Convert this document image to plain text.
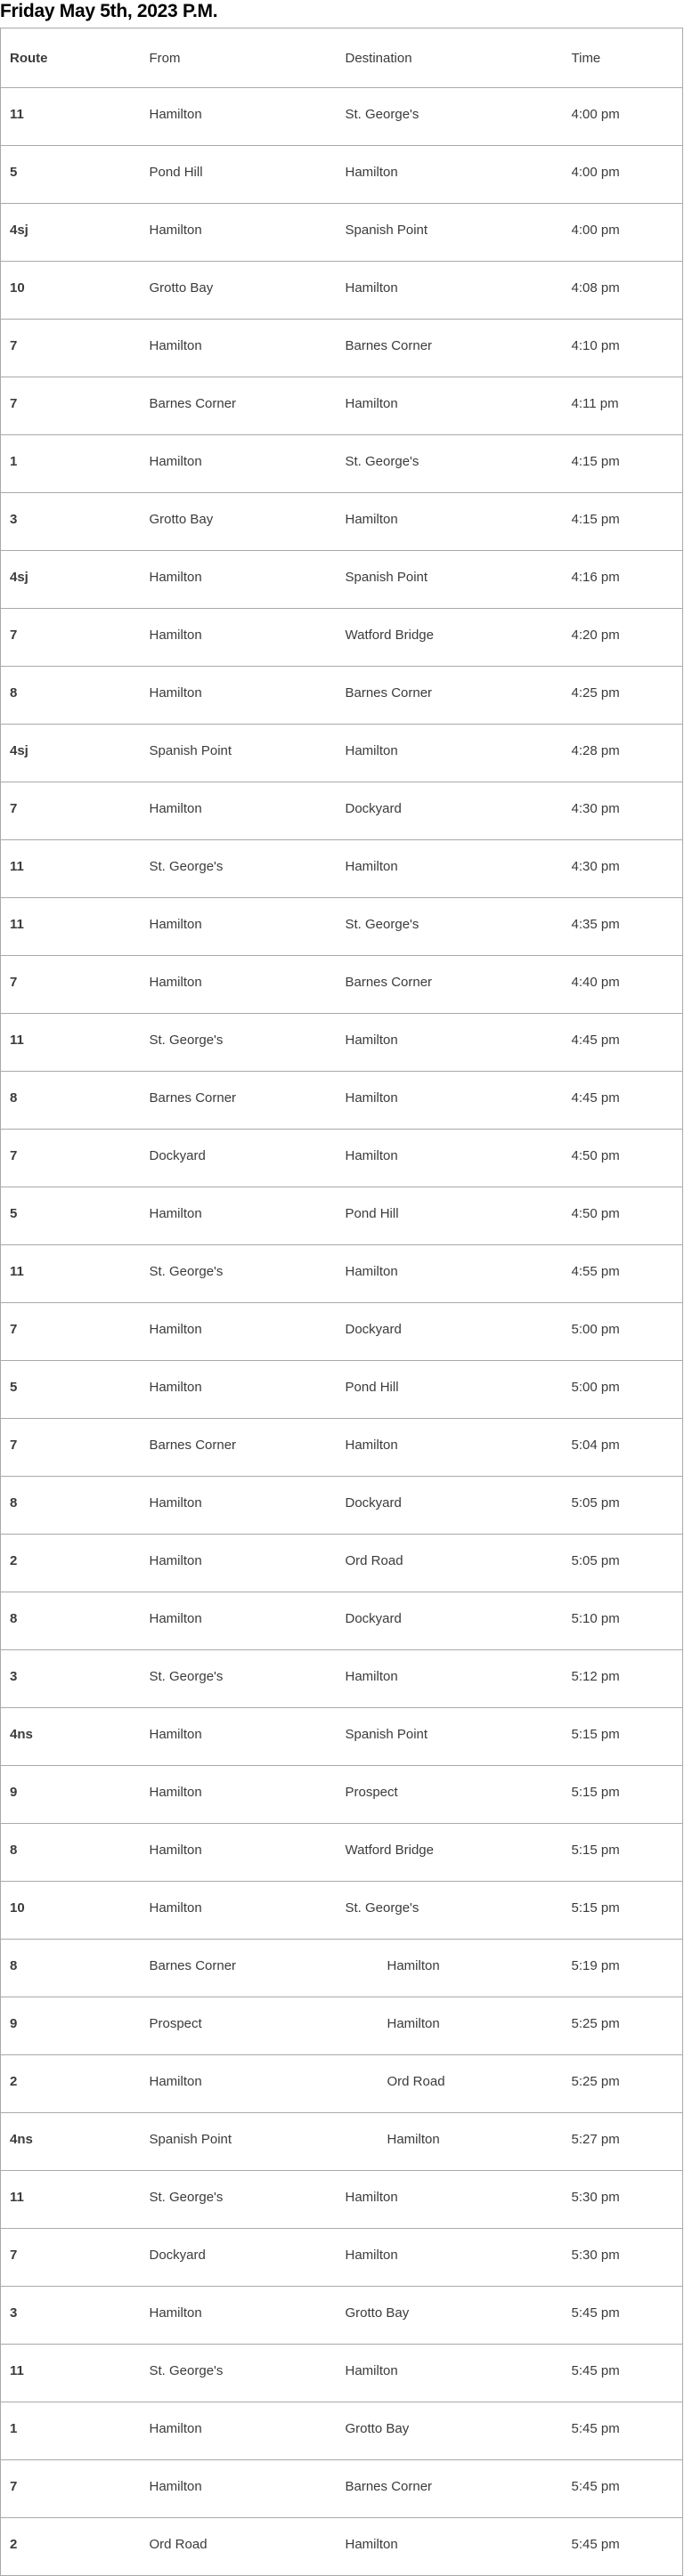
Friday May 5th, 2023 P.M.
Route	From	Destination	Time
11	Hamilton	St. George's	4:00 pm
5	Pond Hill	Hamilton	4:00 pm
4sj	Hamilton	Spanish Point	4:00 pm
10	Grotto Bay	Hamilton	4:08 pm
7	Hamilton	Barnes Corner	4:10 pm
7	Barnes Corner	Hamilton	4:11 pm
1	Hamilton	St. George's	4:15 pm
3	Grotto Bay	Hamilton	4:15 pm
4sj	Hamilton	Spanish Point	4:16 pm
7	Hamilton	Watford Bridge	4:20 pm
8	Hamilton	Barnes Corner	4:25 pm
4sj	Spanish Point	Hamilton	4:28 pm
7	Hamilton	Dockyard	4:30 pm
11	St. George's	Hamilton	4:30 pm
11	Hamilton	St. George's	4:35 pm
7	Hamilton	Barnes Corner	4:40 pm
11	St. George's	Hamilton	4:45 pm
8	Barnes Corner	Hamilton	4:45 pm
7	Dockyard	Hamilton	4:50 pm
5	Hamilton	Pond Hill	4:50 pm
11	St. George's	Hamilton	4:55 pm
7	Hamilton	Dockyard	5:00 pm
5	Hamilton	Pond Hill	5:00 pm
7	Barnes Corner	Hamilton	5:04 pm
8	Hamilton	Dockyard	5:05 pm
2	Hamilton	Ord Road	5:05 pm
8	Hamilton	Dockyard	5:10 pm
3	St. George's	Hamilton	5:12 pm
4ns	Hamilton	Spanish Point	5:15 pm
9	Hamilton	Prospect	5:15 pm
8	Hamilton	Watford Bridge	5:15 pm
10	Hamilton	St. George's	5:15 pm
8	Barnes Corner	Hamilton	5:19 pm
9	Prospect	Hamilton	5:25 pm
2	Hamilton	Ord Road	5:25 pm
4ns	Spanish Point	Hamilton	5:27 pm
11	St. George's	Hamilton	5:30 pm
7	Dockyard	Hamilton	5:30 pm
3	Hamilton	Grotto Bay	5:45 pm
11	St. George's	Hamilton	5:45 pm
1	Hamilton	Grotto Bay	5:45 pm
7	Hamilton	Barnes Corner	5:45 pm
2	Ord Road	Hamilton	5:45 pm
